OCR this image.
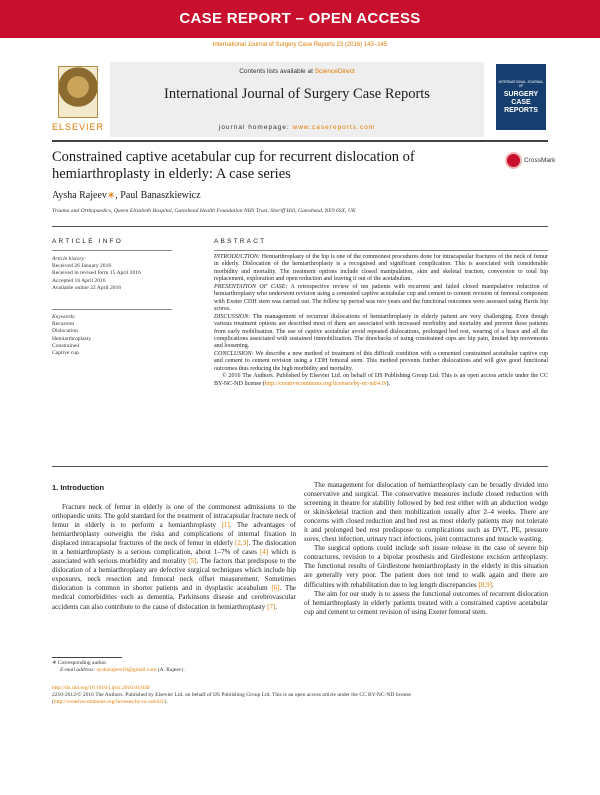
CASE REPORT – OPEN ACCESS
International Journal of Surgery Case Reports 23 (2016) 143–145
ELSEVIER
Contents lists available at ScienceDirect
International Journal of Surgery Case Reports
journal homepage: www.casereports.com
INTERNATIONAL JOURNAL OF
SURGERY CASE REPORTS
Constrained captive acetabular cup for recurrent dislocation of hemiarthroplasty in elderly: A case series
CrossMark
Aysha Rajeev∗, Paul Banaszkiewicz
Trauma and Orthopaedics, Queen Elizabeth Hospital, Gateshead Health Foundation NHS Trust, Sheriff Hill, Gateshead, NE9 6SX, UK
ARTICLE INFO
Article history:
Received 26 January 2016
Received in revised form 15 April 2016
Accepted 16 April 2016
Available online 22 April 2016
Keywords:
Recurrent
Dislocation
Hemiarthroplasty
Constrained
Captive cup
ABSTRACT

INTRODUCTION: Hemiarthroplasty of the hip is one of the commonest procedures done for intracapsular fractures of the neck of femur in elderly. Dislocation of the hemiarthroplasty is a recognised and significant complication. This is associated with considerable morbidity and mortality. The treatment options include closed manipulation, skin and skeletal traction, conversion to total hip replacement, exploration and open reduction and leaving it out of the acetabulum.

PRESENTATION OF CASE: A retrospective review of ten patients with recurrent and failed closed manipulative reduction of hemiarthroplasty who underwent revision using a cemented captive acetabular cup and cement to cement revision of femoral component with Exeter CDH stem was carried out. The follow up period was two years and the functional outcomes were assessed using Harris hip scores.

DISCUSSION: The management of recurrent dislocations of hemiarthroplasty in elderly patient are very challenging. Even though various treatment options are described most of them are associated with increased morbidity and mortality and prevent these patients from early mobilisation. The use of captive acetabular avoid repeated dislocations, prolonged bed rest, wearing of a brace and all the complications associated with sustained immobilization. The drawbacks of using constrained cups are hip pain, limited hip movements and loosening.

CONCLUSION: We describe a new method of treatment of this difficult condition with a cemented constrained acetabular captive cup and cement to cement revision using a CDH femoral stem. This method prevents further dislocations and will give good functional outcomes thus reducing the high morbidity and mortality.

© 2016 The Authors. Published by Elsevier Ltd. on behalf of IJS Publishing Group Ltd. This is an open access article under the CC BY-NC-ND license (http://creativecommons.org/licenses/by-nc-nd/4.0/).

1. Introduction

Fracture neck of femur in elderly is one of the commonest admissions to the orthopaedic units. The gold standard for the treatment of intracapsular fracture neck of femur in elderly is to perform a hemiarthroplasty [1]. The advantages of hemiarthroplasty outweighs the risks and complications of internal fixation in displaced intracapsular fractures of the neck of femur in elderly [2,3]. The dislocation in a hemiarthroplasty is a serious complication, about 1–7% of cases [4] which is associated with serious morbidity and morality [5]. The factors that predispose to the dislocation of a hemiarthroplasty are defective surgical techniques which include hip exposures, neck resection and femoral neck offset measurement. Sometimes dislocation is common in shorter patients and in dysplastic aceabulum [6]. The medical comorbidities such as dementia, Parkinsons disease and cerebrovascular accidents can also contribute to the cause of dislocation in hemiarthroplasty [7].

The management for dislocation of hemiarthroplasty can be broadly divided into conservative and surgical. The conservative measures include closed reduction with screening in theatre for stability followed by bed rest either with an abduction wedge or skin/skeletal traction and then mobilization usually after 2–4 weeks. There are concerns with closed reduction and bed rest as most elderly patients may not tolerate it and prolonged bed rest predispose to complications such as DVT, PE, pressure sores, chest infection, urinary tract infections, joint contractures and muscle wasting.

The surgical options could include soft tissue release in the case of severe hip contractures, revision to a bipolar prosthesis and Girdlestone excision arthroplasty. The functional results of Girdlestone hemiarthroplasty in the elderly in this situation are generally very poor. The patient does not tend to walk again and there are difficulties with rehabilitation due to leg length discrepancies [8,9].

The aim for our study is to assess the functional outcomes of recurrent dislocation of hemiarthroplasty in elderly patients treated with a constrained captive acetabular cup and cement to cement revision of using Exeter femoral stem.

∗ Corresponding author.
E-mail address: aysharajeev18@gmail.com (A. Rajeev).
http://dx.doi.org/10.1016/j.ijscr.2016.04.030
2210-2612/© 2016 The Authors. Published by Elsevier Ltd. on behalf of IJS Publishing Group Ltd. This is an open access article under the CC BY-NC-ND license
(http://creativecommons.org/licenses/by-nc-nd/4.0/).
